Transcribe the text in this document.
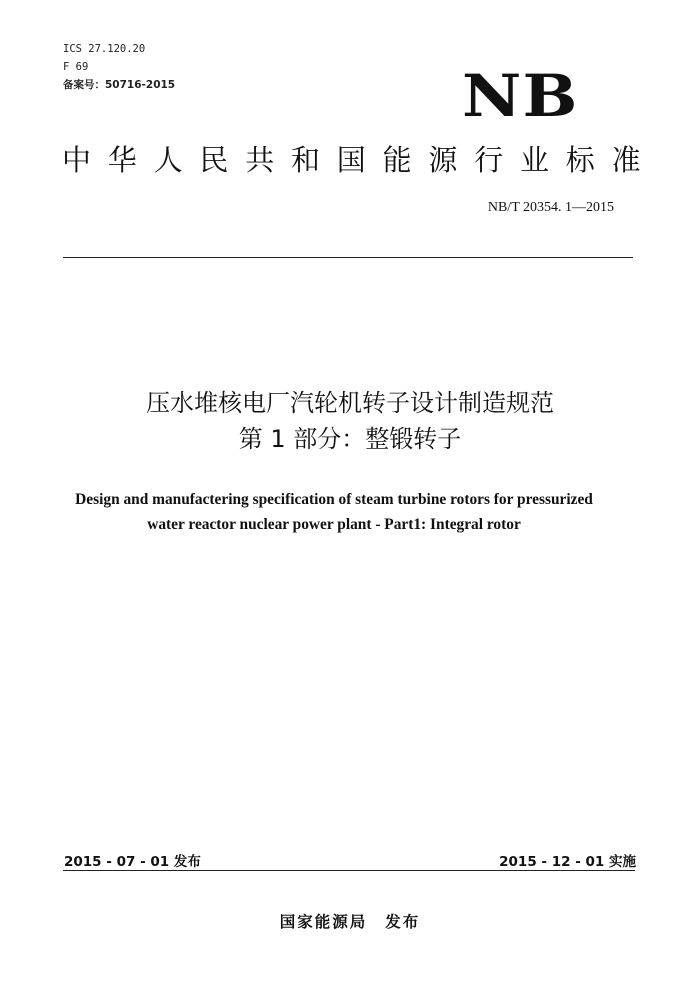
ICS 27.120.20
F 69
备案号：50716-2015	NB
中华人民共和国能源行业标准
NB/T 20354. 1—2015
压水堆核电厂汽轮机转子设计制造规范
第 1 部分：整锻转子
Design and manufactering specification of steam turbine rotors for pressurized
water reactor nuclear power plant - Part1: Integral rotor
2015 - 07 - 01 发布	2015 - 12 - 01 实施
国家能源局 发布
